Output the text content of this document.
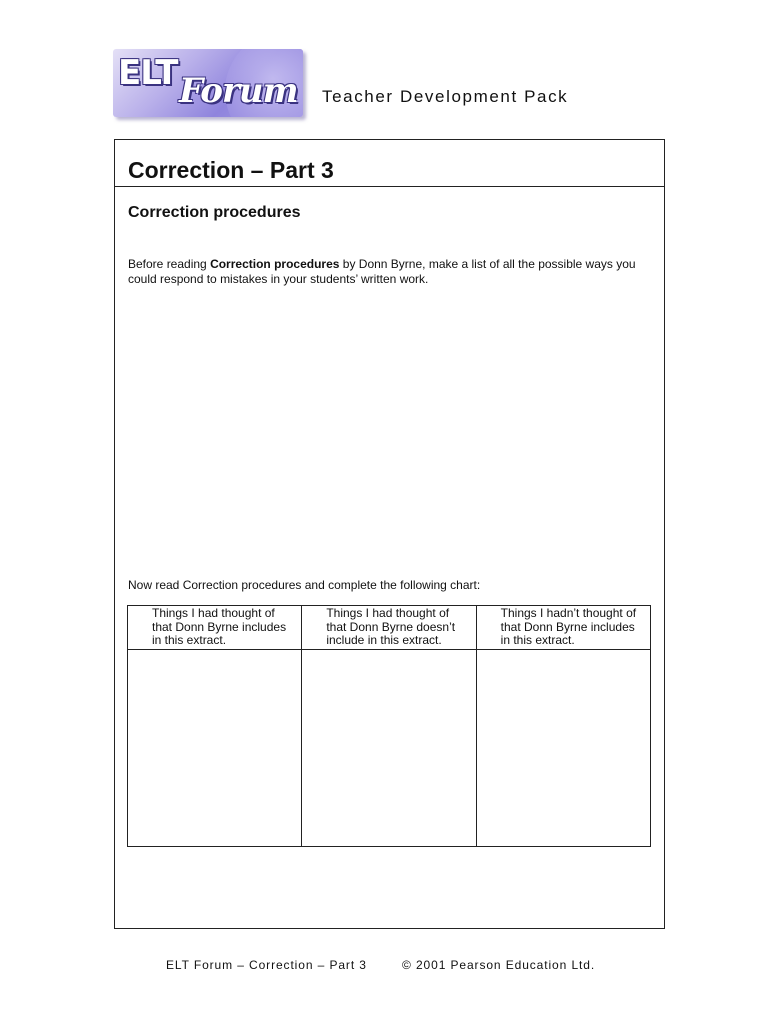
ELT Forum Teacher Development Pack
Correction – Part 3
Correction procedures
Before reading Correction procedures by Donn Byrne, make a list of all the possible ways you could respond to mistakes in your students’ written work.
Now read Correction procedures and complete the following chart:
Things I had thought of that Donn Byrne includes in this extract.	Things I had thought of that Donn Byrne doesn’t include in this extract.	Things I hadn’t thought of that Donn Byrne includes in this extract.

ELT Forum – Correction – Part 3	© 2001 Pearson Education Ltd.
